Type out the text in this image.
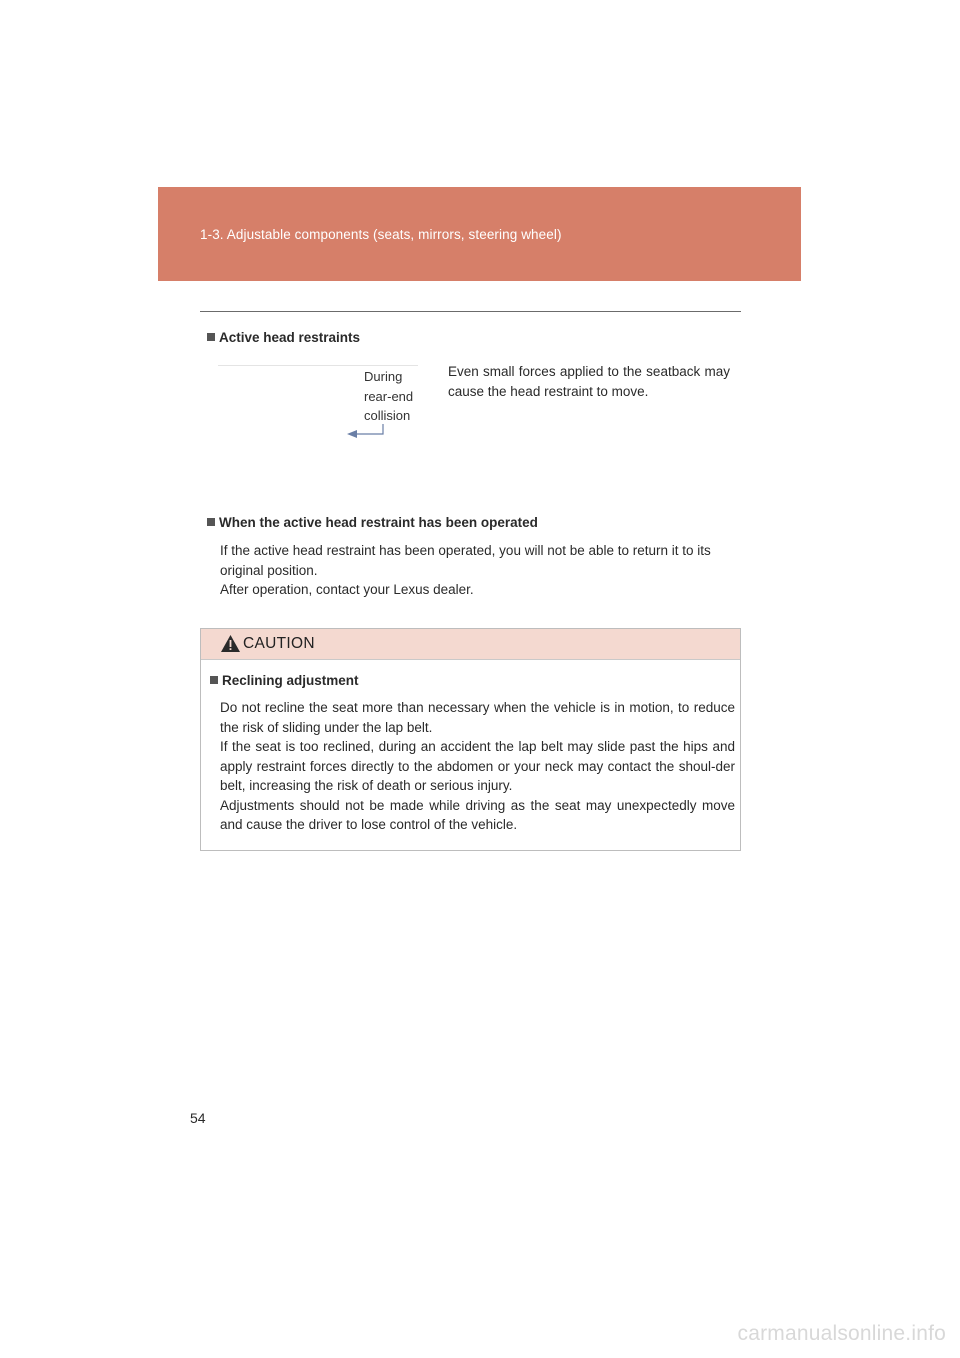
1-3. Adjustable components (seats, mirrors, steering wheel)
Active head restraints
During
rear-end
collision
Even small forces applied to the seatback may cause the head restraint to move.
When the active head restraint has been operated

If the active head restraint has been operated, you will not be able to return it to its original position.

After operation, contact your Lexus dealer.

CAUTION
Reclining adjustment

Do not recline the seat more than necessary when the vehicle is in motion, to reduce the risk of sliding under the lap belt.

If the seat is too reclined, during an accident the lap belt may slide past the hips and apply restraint forces directly to the abdomen or your neck may contact the shoul-der belt, increasing the risk of death or serious injury.

Adjustments should not be made while driving as the seat may unexpectedly move and cause the driver to lose control of the vehicle.

54
carmanualsonline.info
